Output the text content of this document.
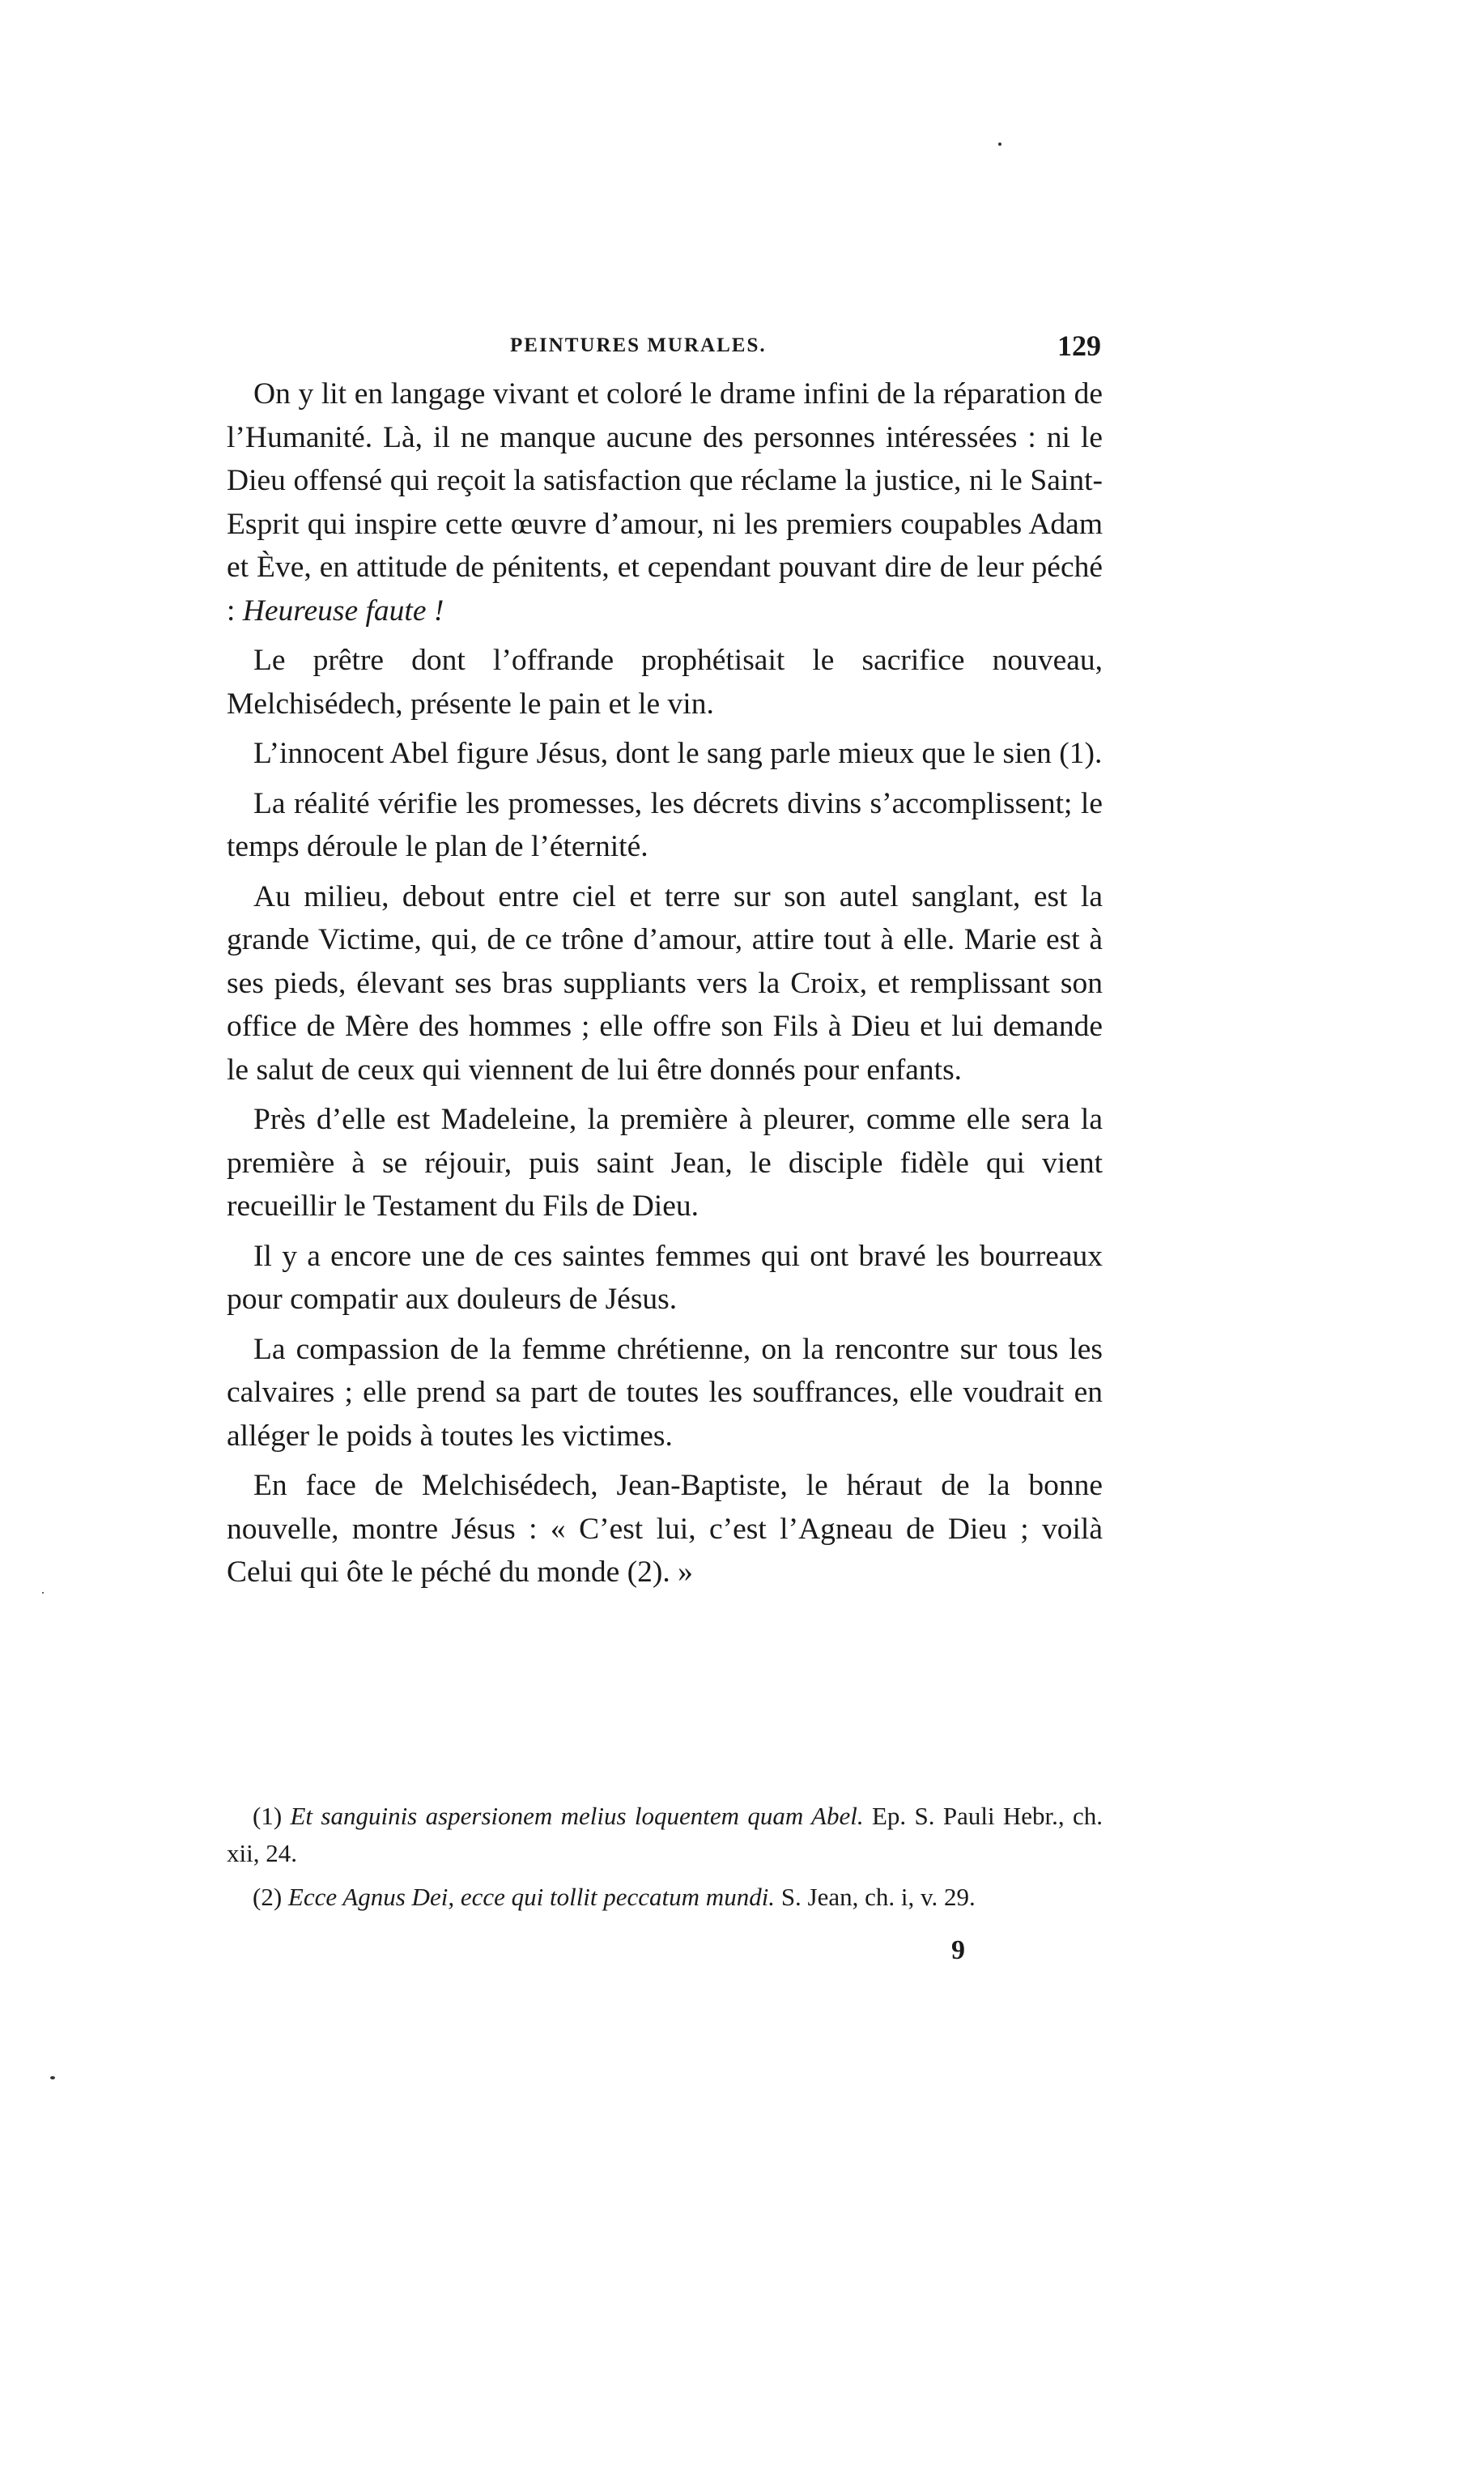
PEINTURES MURALES.	129

On y lit en langage vivant et coloré le drame infini de la réparation de l’Humanité. Là, il ne manque aucune des personnes intéressées : ni le Dieu offensé qui reçoit la satisfaction que réclame la justice, ni le Saint-Esprit qui inspire cette œuvre d’amour, ni les premiers coupables Adam et Ève, en attitude de pénitents, et cependant pouvant dire de leur péché : Heureuse faute !

Le prêtre dont l’offrande prophétisait le sacrifice nouveau, Melchisédech, présente le pain et le vin.

L’innocent Abel figure Jésus, dont le sang parle mieux que le sien (1).

La réalité vérifie les promesses, les décrets divins s’accomplissent; le temps déroule le plan de l’éternité.

Au milieu, debout entre ciel et terre sur son autel sanglant, est la grande Victime, qui, de ce trône d’amour, attire tout à elle. Marie est à ses pieds, élevant ses bras suppliants vers la Croix, et remplissant son office de Mère des hommes ; elle offre son Fils à Dieu et lui demande le salut de ceux qui viennent de lui être donnés pour enfants.

Près d’elle est Madeleine, la première à pleurer, comme elle sera la première à se réjouir, puis saint Jean, le disciple fidèle qui vient recueillir le Testament du Fils de Dieu.

Il y a encore une de ces saintes femmes qui ont bravé les bourreaux pour compatir aux douleurs de Jésus.

La compassion de la femme chrétienne, on la rencontre sur tous les calvaires ; elle prend sa part de toutes les souffrances, elle voudrait en alléger le poids à toutes les victimes.

En face de Melchisédech, Jean-Baptiste, le héraut de la bonne nouvelle, montre Jésus : « C’est lui, c’est l’Agneau de Dieu ; voilà Celui qui ôte le péché du monde (2). »

(1) Et sanguinis aspersionem melius loquentem quam Abel. Ep. S. Pauli Hebr., ch. xii, 24.

(2) Ecce Agnus Dei, ecce qui tollit peccatum mundi. S. Jean, ch. i, v. 29.

9
